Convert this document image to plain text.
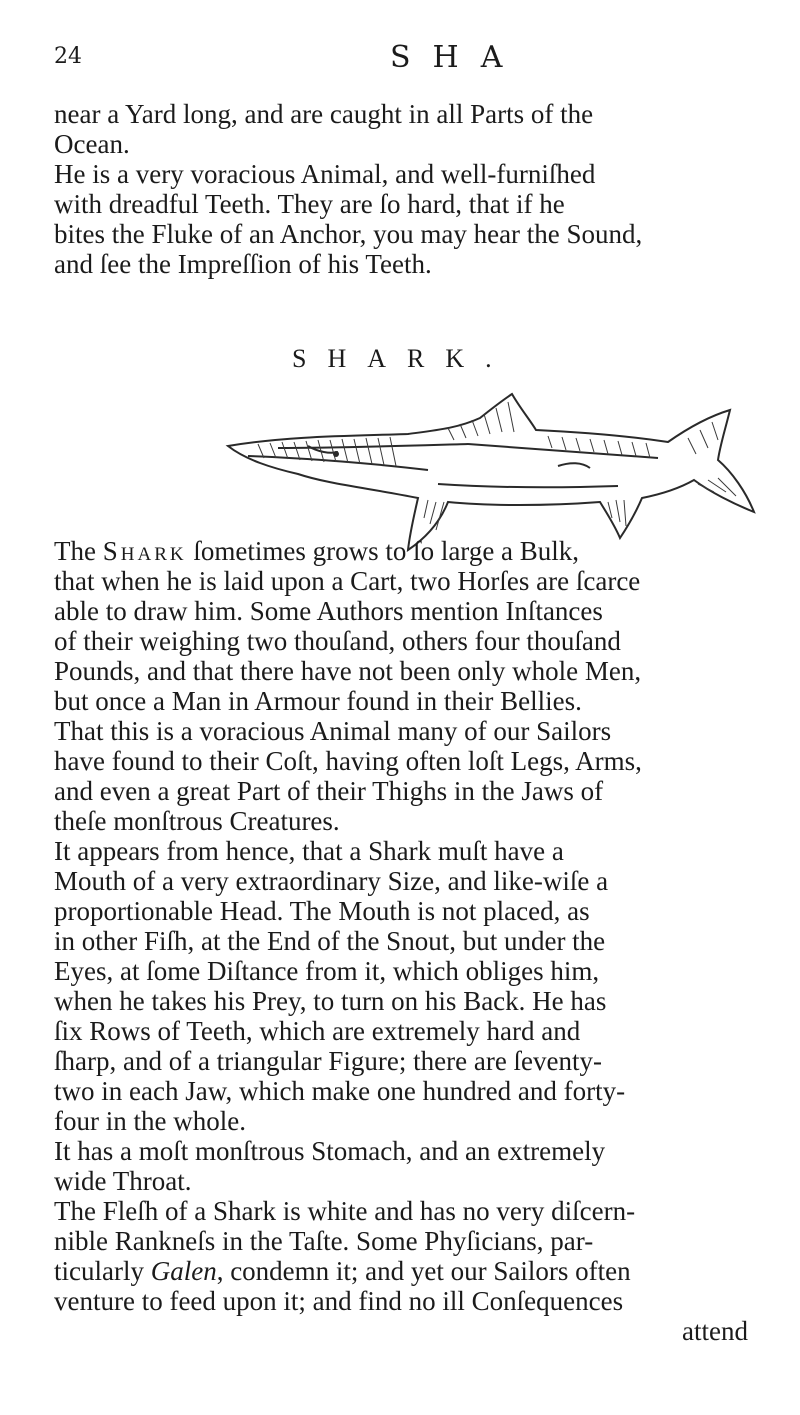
24	SHA
near a Yard long, and are caught in all Parts of the
Ocean.
He is a very voracious Animal, and well-furniſhed
with dreadful Teeth. They are ſo hard, that if he
bites the Fluke of an Anchor, you may hear the Sound,
and ſee the Impreſſion of his Teeth.
SHARK.
The Shark ſometimes grows to ſo large a Bulk,
that when he is laid upon a Cart, two Horſes are ſcarce
able to draw him. Some Authors mention Inſtances
of their weighing two thouſand, others four thouſand
Pounds, and that there have not been only whole Men,
but once a Man in Armour found in their Bellies.
That this is a voracious Animal many of our Sailors
have found to their Coſt, having often loſt Legs, Arms,
and even a great Part of their Thighs in the Jaws of
theſe monſtrous Creatures.
It appears from hence, that a Shark muſt have a
Mouth of a very extraordinary Size, and like-wiſe a
proportionable Head. The Mouth is not placed, as
in other Fiſh, at the End of the Snout, but under the
Eyes, at ſome Diſtance from it, which obliges him,
when he takes his Prey, to turn on his Back. He has
ſix Rows of Teeth, which are extremely hard and
ſharp, and of a triangular Figure; there are ſeventy-
two in each Jaw, which make one hundred and forty-
four in the whole.
It has a moſt monſtrous Stomach, and an extremely
wide Throat.
The Fleſh of a Shark is white and has no very diſcern-
nible Rankneſs in the Taſte. Some Phyſicians, par-
ticularly Galen, condemn it; and yet our Sailors often
venture to feed upon it; and find no ill Conſequences
attend
